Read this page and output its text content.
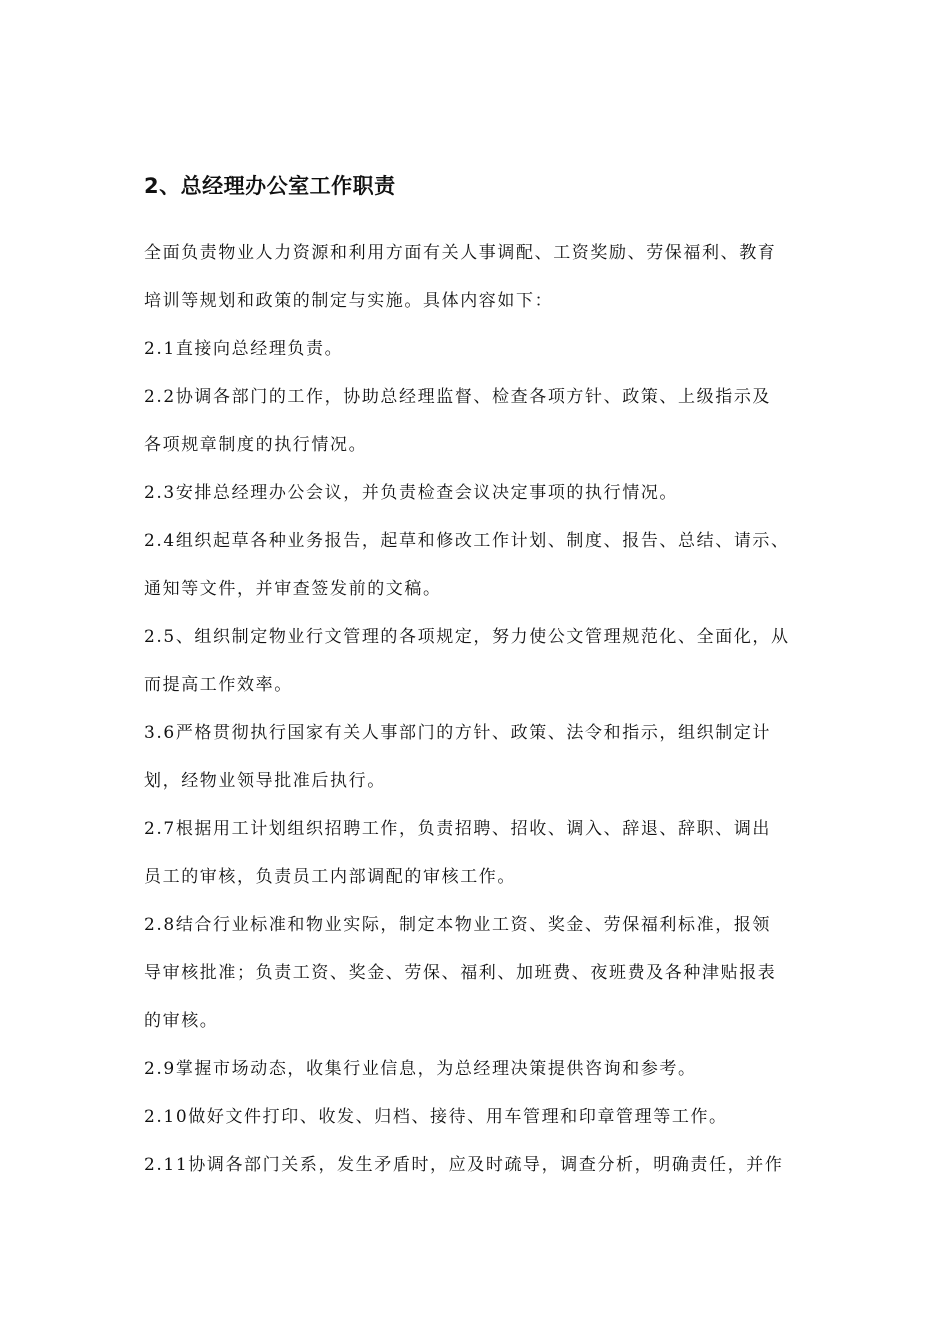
2、总经理办公室工作职责
全面负责物业人力资源和利用方面有关人事调配、工资奖励、劳保福利、教育
培训等规划和政策的制定与实施。具体内容如下：
2.1直接向总经理负责。
2.2协调各部门的工作，协助总经理监督、检查各项方针、政策、上级指示及
各项规章制度的执行情况。
2.3安排总经理办公会议，并负责检查会议决定事项的执行情况。
2.4组织起草各种业务报告，起草和修改工作计划、制度、报告、总结、请示、
通知等文件，并审查签发前的文稿。
2.5、组织制定物业行文管理的各项规定，努力使公文管理规范化、全面化，从
而提高工作效率。
3.6严格贯彻执行国家有关人事部门的方针、政策、法令和指示，组织制定计
划，经物业领导批准后执行。
2.7根据用工计划组织招聘工作，负责招聘、招收、调入、辞退、辞职、调出
员工的审核，负责员工内部调配的审核工作。
2.8结合行业标准和物业实际，制定本物业工资、奖金、劳保福利标准，报领
导审核批准；负责工资、奖金、劳保、福利、加班费、夜班费及各种津贴报表
的审核。
2.9掌握市场动态，收集行业信息，为总经理决策提供咨询和参考。
2.10做好文件打印、收发、归档、接待、用车管理和印章管理等工作。
2.11协调各部门关系，发生矛盾时，应及时疏导，调查分析，明确责任，并作
